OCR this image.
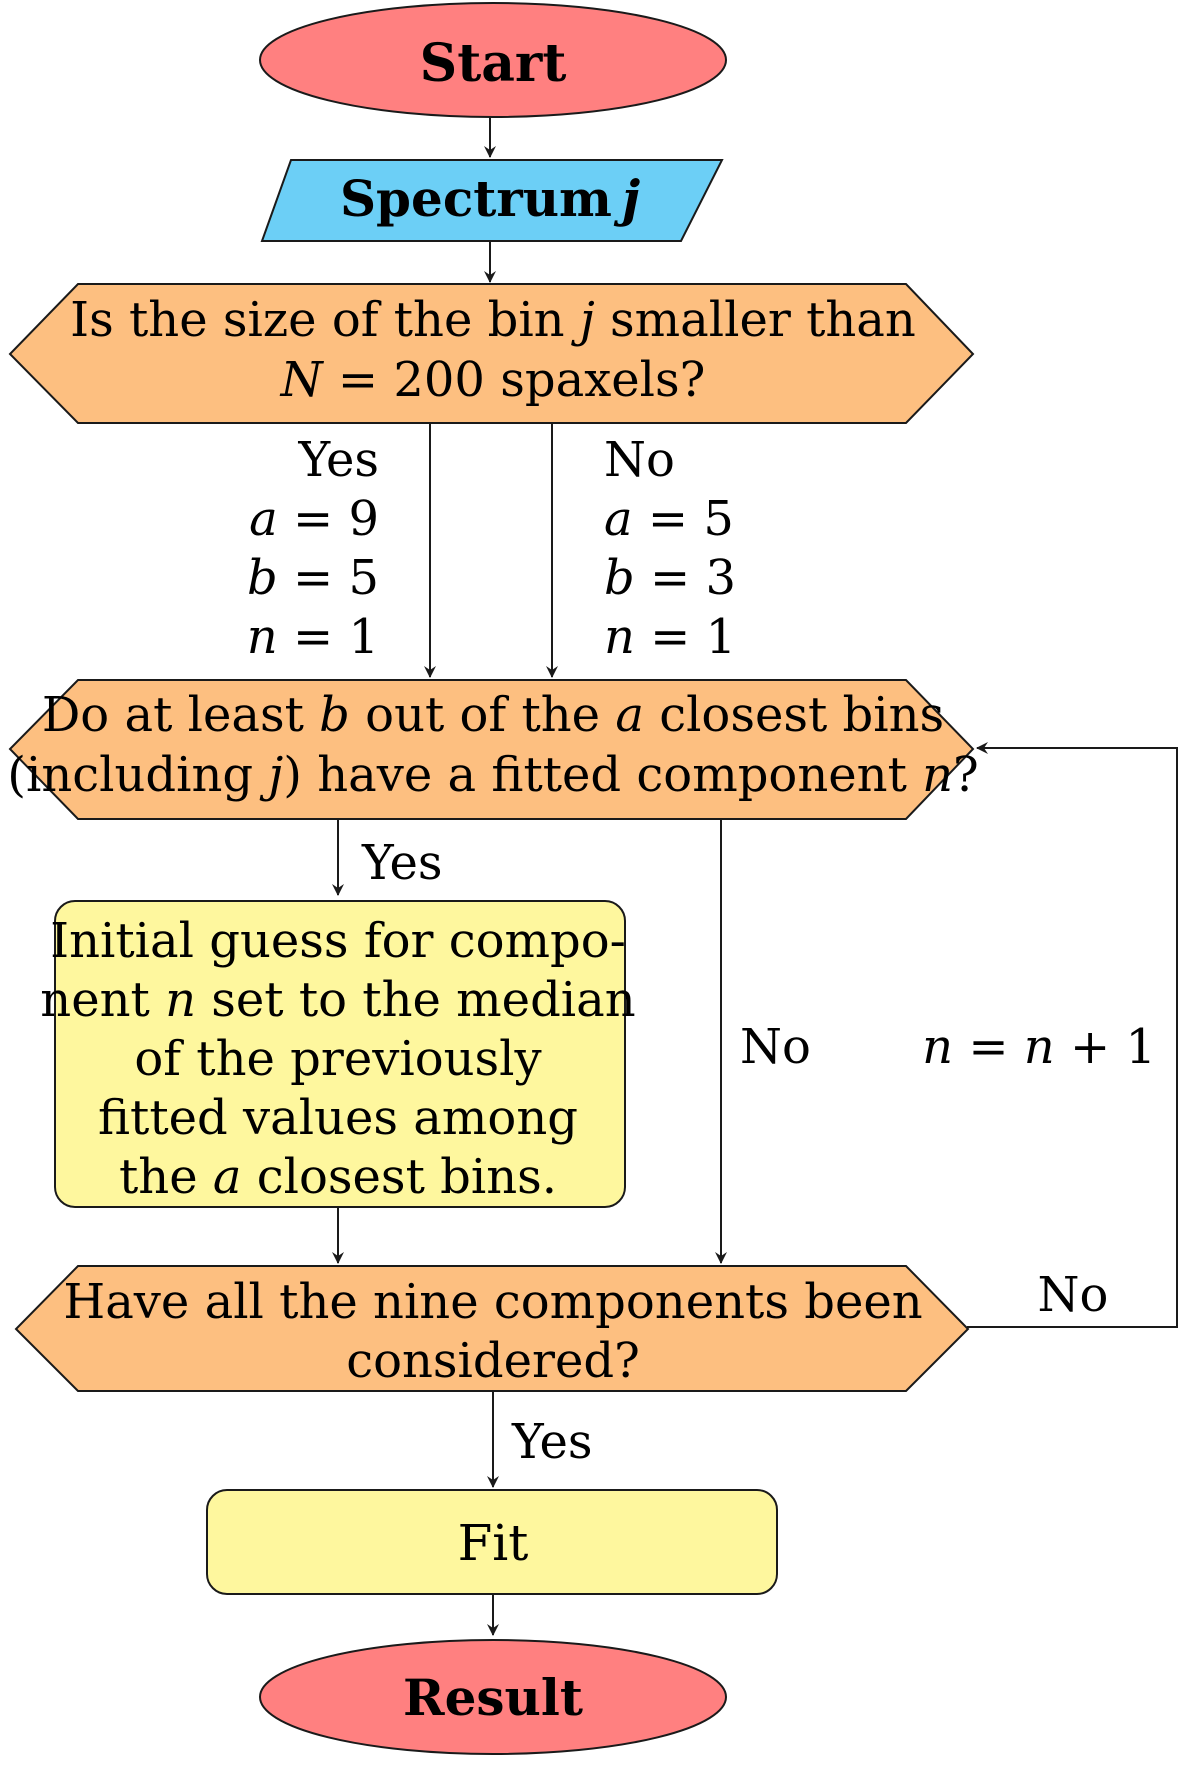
Start
Spectrum j
Is the size of the bin j smaller than
N = 200 spaxels?
Yes
a = 9
b = 5
n = 1
No
a = 5
b = 3
n = 1
Do at least b out of the a closest bins
(including j) have a fitted component n?
Yes
No n = n + 1
Initial guess for compo-
nent n set to the median
of the previously
fitted values among
the a closest bins.
Have all the nine components been
considered?
No
Yes
Fit
Result
